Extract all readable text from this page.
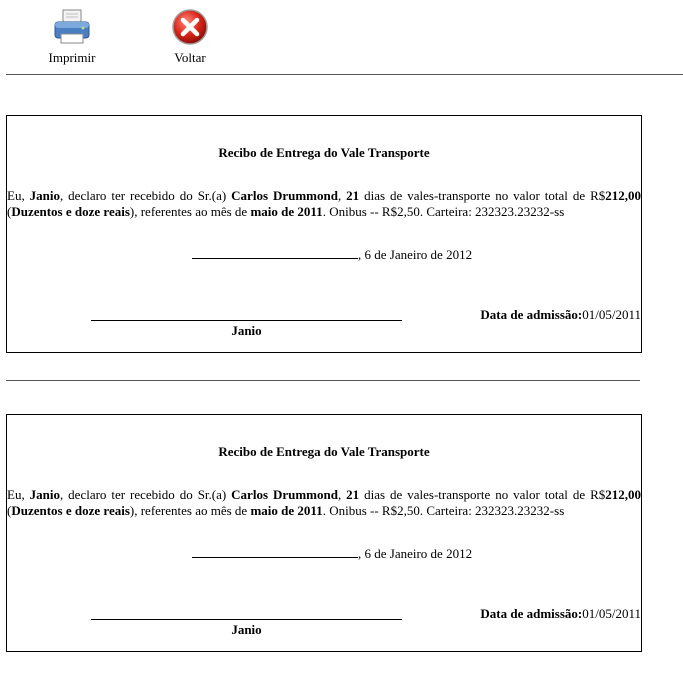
Imprimir	Voltar
Recibo de Entrega do Vale Transporte
Eu, Janio, declaro ter recebido do Sr.(a) Carlos Drummond, 21 dias de vales-transporte no valor total de R$212,00 (Duzentos e doze reais), referentes ao mês de maio de 2011. Onibus -- R$2,50. Carteira: 232323.23232-ss
, 6 de Janeiro de 2012
Data de admissão:01/05/2011
Janio
Recibo de Entrega do Vale Transporte
Eu, Janio, declaro ter recebido do Sr.(a) Carlos Drummond, 21 dias de vales-transporte no valor total de R$212,00 (Duzentos e doze reais), referentes ao mês de maio de 2011. Onibus -- R$2,50. Carteira: 232323.23232-ss
, 6 de Janeiro de 2012
Data de admissão:01/05/2011
Janio
